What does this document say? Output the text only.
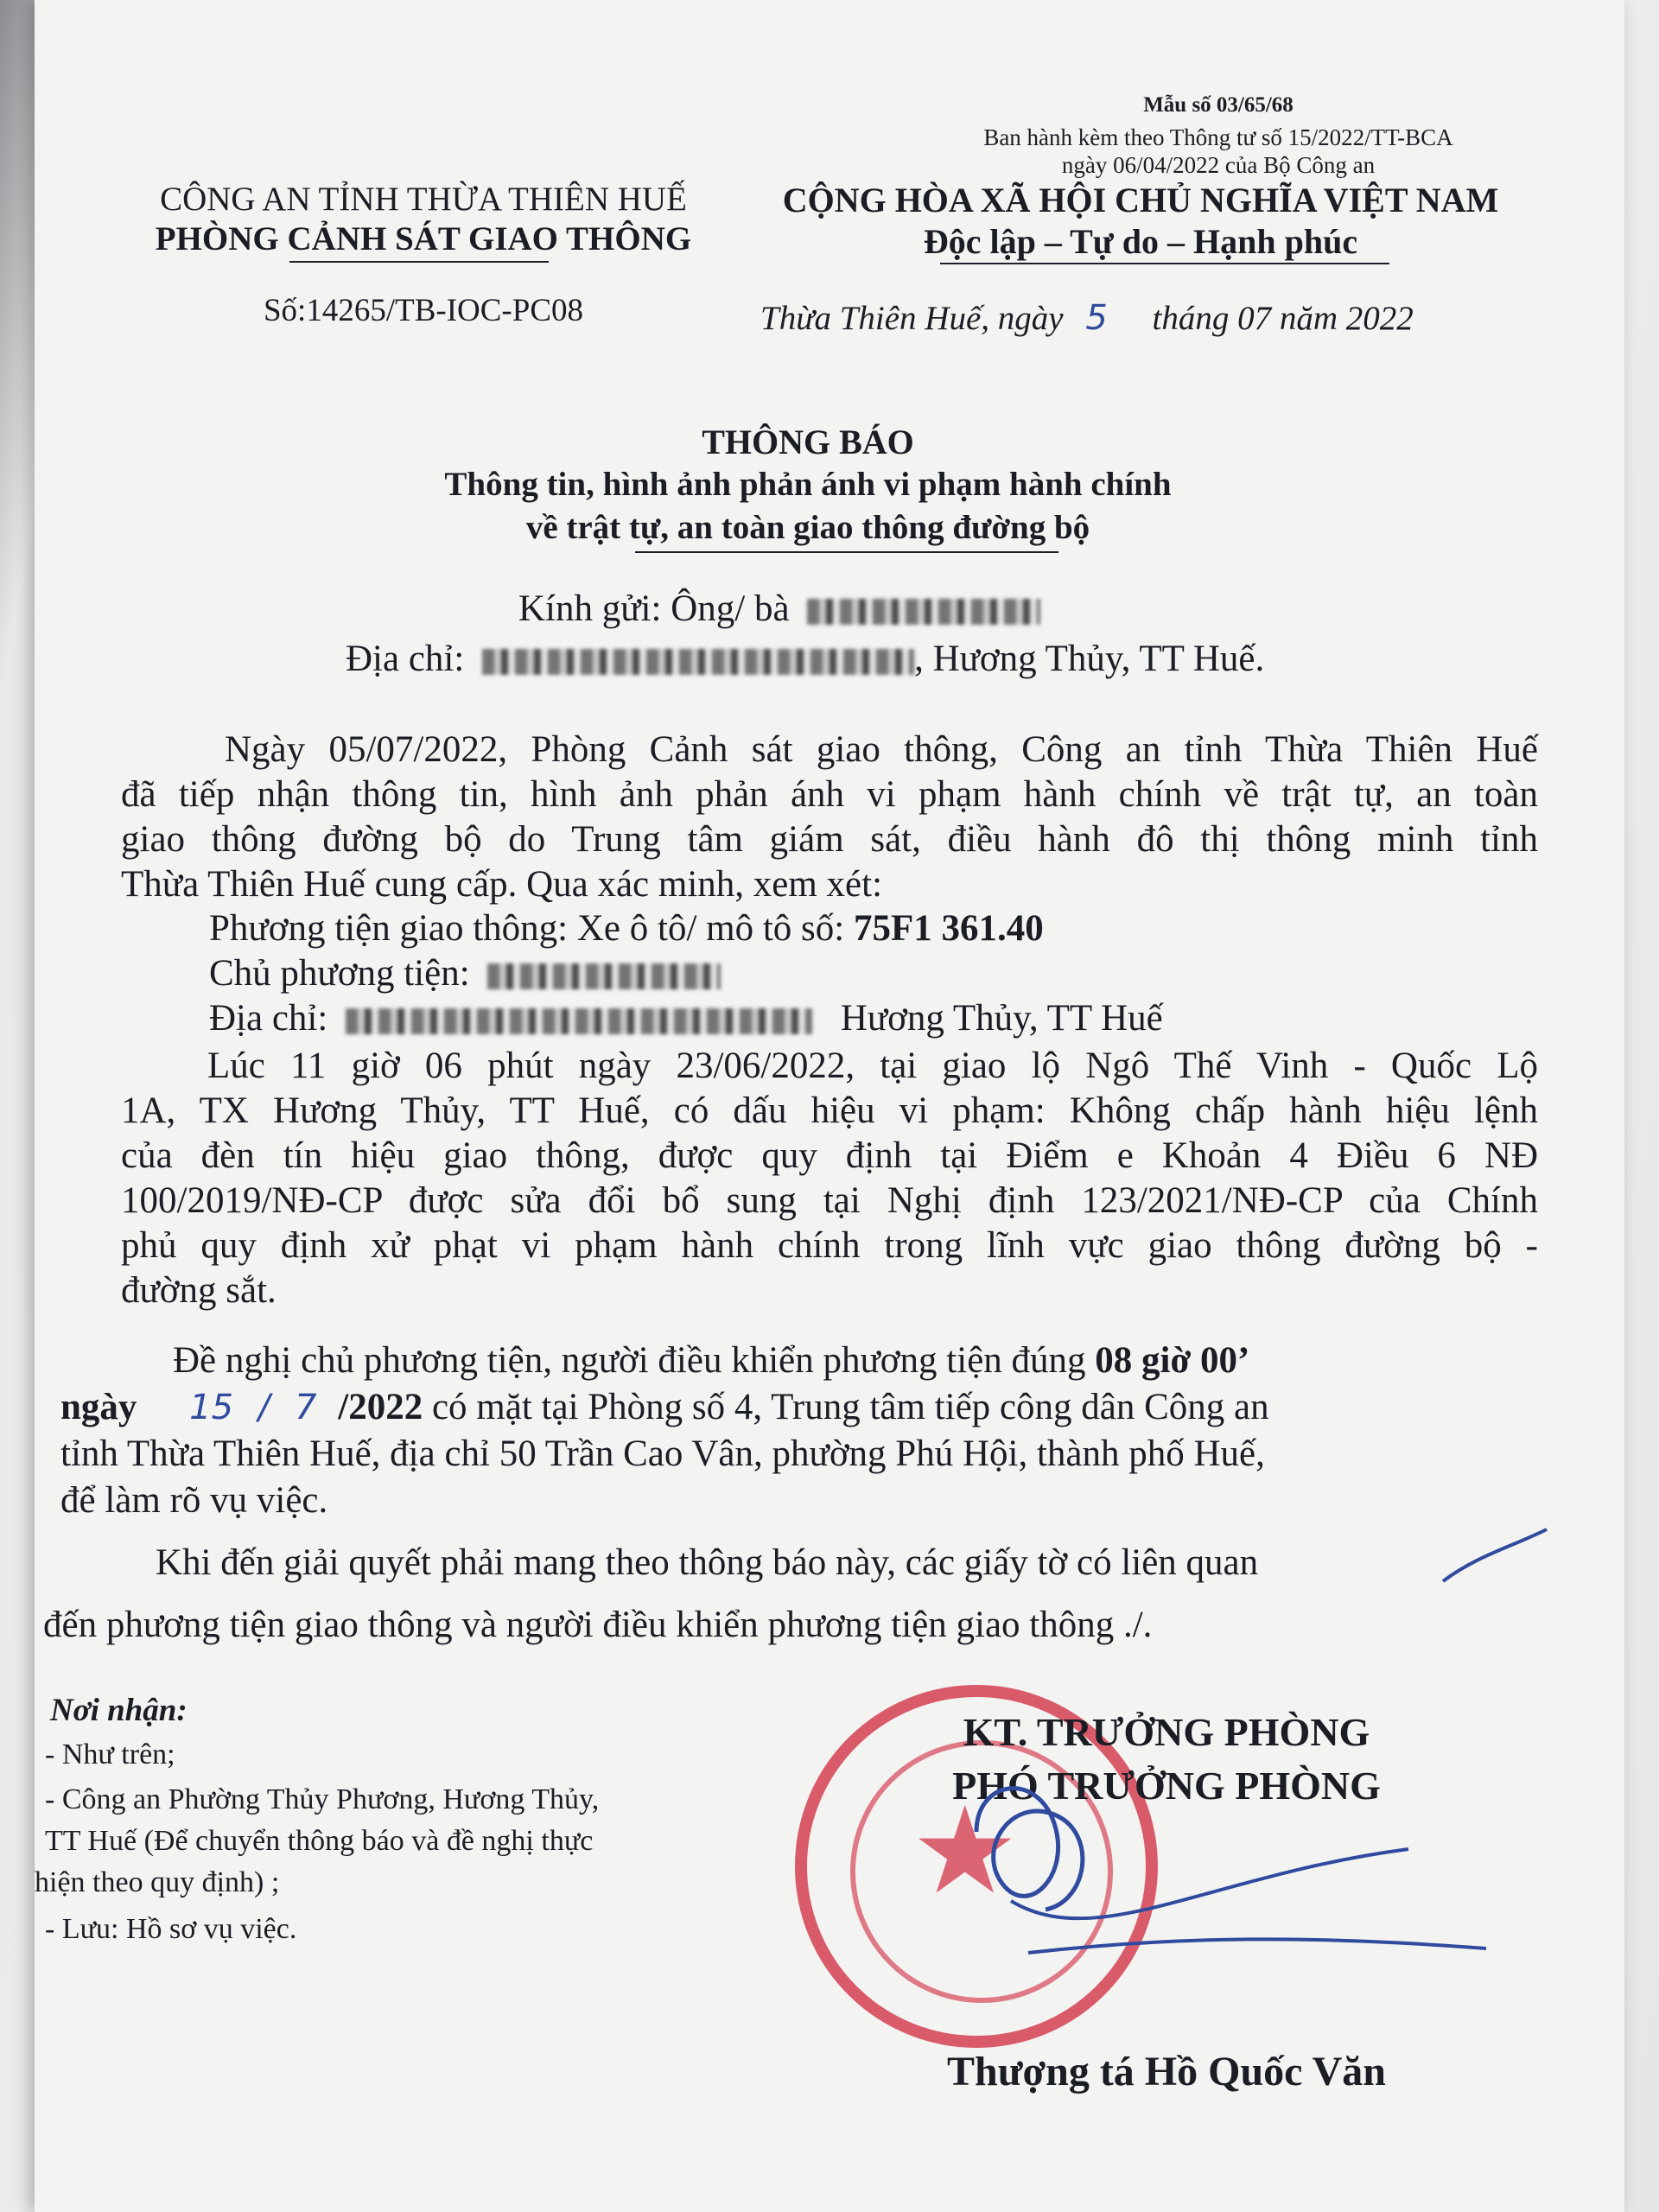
Mẫu số 03/65/68
Ban hành kèm theo Thông tư số 15/2022/TT-BCA
ngày 06/04/2022 của Bộ Công an
CÔNG AN TỈNH THỪA THIÊN HUẾ
PHÒNG CẢNH SÁT GIAO THÔNG
Số:14265/TB-IOC-PC08
CỘNG HÒA XÃ HỘI CHỦ NGHĨA VIỆT NAM
Độc lập – Tự do – Hạnh phúc
Thừa Thiên Huế, ngày 5 tháng 07 năm 2022
THÔNG BÁO
Thông tin, hình ảnh phản ánh vi phạm hành chính
về trật tự, an toàn giao thông đường bộ
Kính gửi: Ông/ bà
Địa chỉ:	, Hương Thủy, TT Huế.
Ngày 05/07/2022, Phòng Cảnh sát giao thông, Công an tỉnh Thừa Thiên Huế
đã tiếp nhận thông tin, hình ảnh phản ánh vi phạm hành chính về trật tự, an toàn
giao thông đường bộ do Trung tâm giám sát, điều hành đô thị thông minh tỉnh
Thừa Thiên Huế cung cấp. Qua xác minh, xem xét:
Phương tiện giao thông: Xe ô tô/ mô tô số: 75F1 361.40
Chủ phương tiện:
Địa chỉ:	Hương Thủy, TT Huế
Lúc 11 giờ 06 phút ngày 23/06/2022, tại giao lộ Ngô Thế Vinh - Quốc Lộ
1A, TX Hương Thủy, TT Huế, có dấu hiệu vi phạm: Không chấp hành hiệu lệnh
của đèn tín hiệu giao thông, được quy định tại Điểm e Khoản 4 Điều 6 NĐ
100/2019/NĐ-CP được sửa đổi bổ sung tại Nghị định 123/2021/NĐ-CP của Chính
phủ quy định xử phạt vi phạm hành chính trong lĩnh vực giao thông đường bộ -
đường sắt.
Đề nghị chủ phương tiện, người điều khiển phương tiện đúng 08 giờ 00’
ngày 15 / 7 /2022 có mặt tại Phòng số 4, Trung tâm tiếp công dân Công an
tỉnh Thừa Thiên Huế, địa chỉ 50 Trần Cao Vân, phường Phú Hội, thành phố Huế,
để làm rõ vụ việc.
Khi đến giải quyết phải mang theo thông báo này, các giấy tờ có liên quan
đến phương tiện giao thông và người điều khiển phương tiện giao thông ./.
Nơi nhận:
- Như trên;
- Công an Phường Thủy Phương, Hương Thủy,
TT Huế (Để chuyển thông báo và đề nghị thực
hiện theo quy định) ;
- Lưu: Hồ sơ vụ việc.
★
KT. TRƯỞNG PHÒNG
PHÓ TRƯỞNG PHÒNG
Thượng tá Hồ Quốc Văn
